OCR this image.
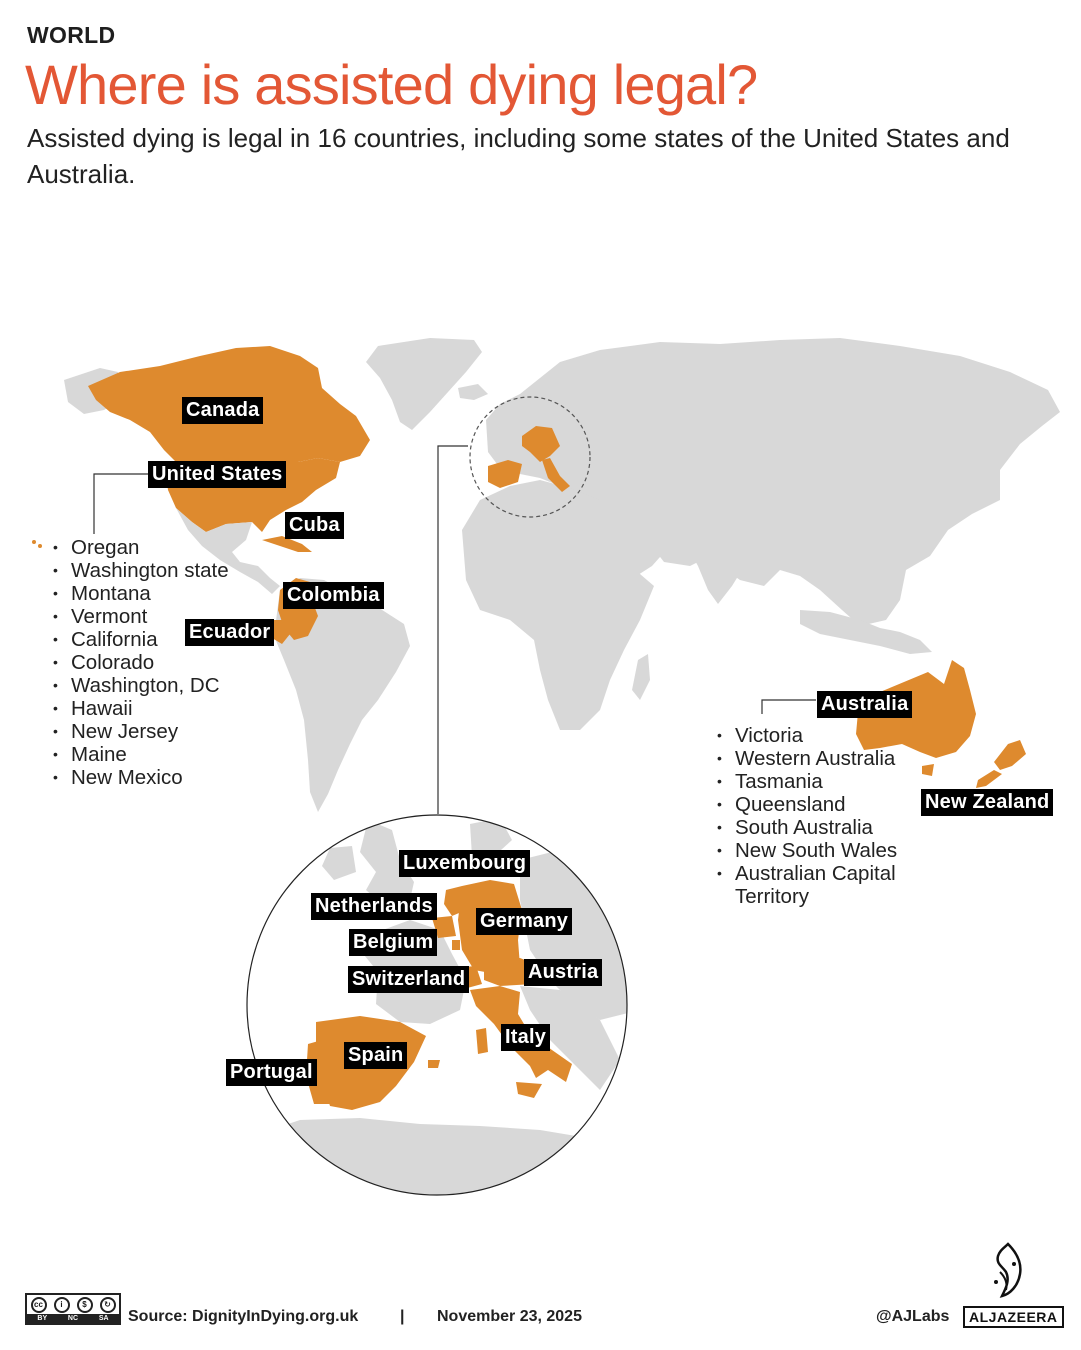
WORLD
Where is assisted dying legal?
Assisted dying is legal in 16 countries, including some states of the United States and Australia.
Canada
United States
Cuba
Colombia
Ecuador
Australia
New Zealand
Luxembourg
Netherlands
Germany
Belgium
Switzerland	Austria
Italy
Spain
Portugal
• Oregan
• Washington state
• Montana
• Vermont
• California
• Colorado
• Washington, DC
• Hawaii
• New Jersey
• Maine
• New Mexico
• Victoria
• Western Australia
• Tasmania
• Queensland
• South Australia
• New South Wales
• Australian Capital Territory
cc	i	$	↻
BY	NC	SA Source: DignityInDying.org.uk	| November 23, 2025	@AJLabs	ALJAZEERA
